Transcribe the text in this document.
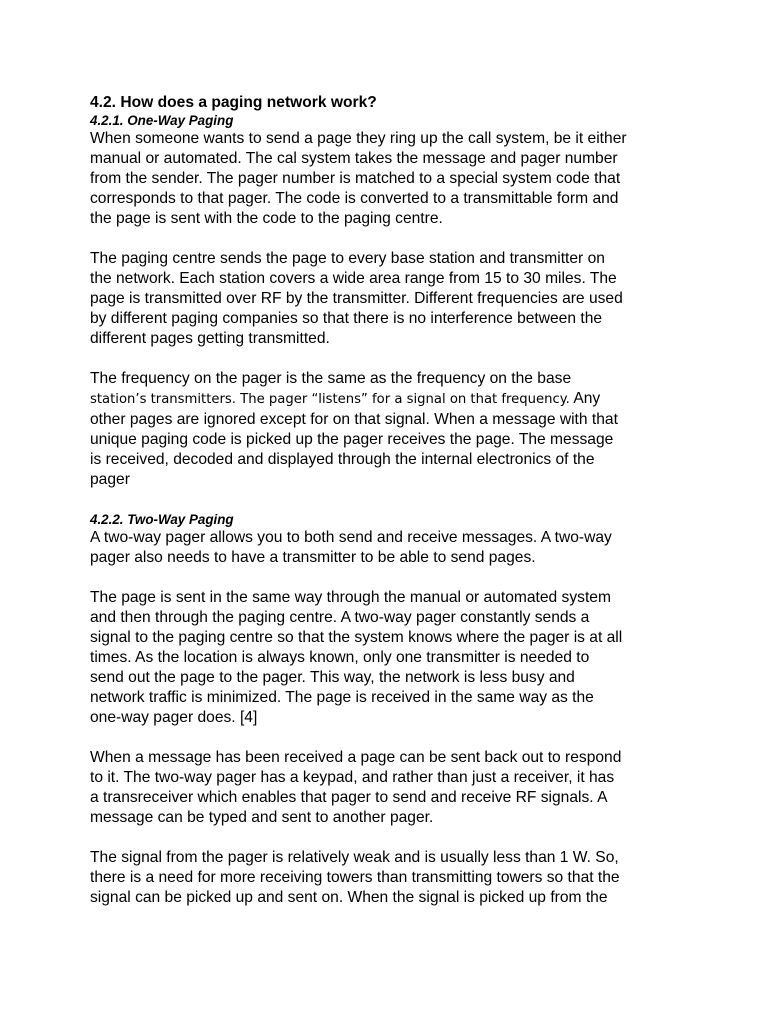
4.2. How does a paging network work?
4.2.1. One-Way Paging

When someone wants to send a page they ring up the call system, be it either
manual or automated. The cal system takes the message and pager number
from the sender. The pager number is matched to a special system code that
corresponds to that pager. The code is converted to a transmittable form and
the page is sent with the code to the paging centre.

The paging centre sends the page to every base station and transmitter on
the network. Each station covers a wide area range from 15 to 30 miles. The
page is transmitted over RF by the transmitter. Different frequencies are used
by different paging companies so that there is no interference between the
different pages getting transmitted.

The frequency on the pager is the same as the frequency on the base
station’s transmitters. The pager “listens” for a signal on that frequency. Any
other pages are ignored except for on that signal. When a message with that
unique paging code is picked up the pager receives the page. The message
is received, decoded and displayed through the internal electronics of the
pager

4.2.2. Two-Way Paging

A two-way pager allows you to both send and receive messages. A two-way
pager also needs to have a transmitter to be able to send pages.

The page is sent in the same way through the manual or automated system
and then through the paging centre. A two-way pager constantly sends a
signal to the paging centre so that the system knows where the pager is at all
times. As the location is always known, only one transmitter is needed to
send out the page to the pager. This way, the network is less busy and
network traffic is minimized. The page is received in the same way as the
one-way pager does. [4]

When a message has been received a page can be sent back out to respond
to it. The two-way pager has a keypad, and rather than just a receiver, it has
a transreceiver which enables that pager to send and receive RF signals. A
message can be typed and sent to another pager.

The signal from the pager is relatively weak and is usually less than 1 W. So,
there is a need for more receiving towers than transmitting towers so that the
signal can be picked up and sent on. When the signal is picked up from the
